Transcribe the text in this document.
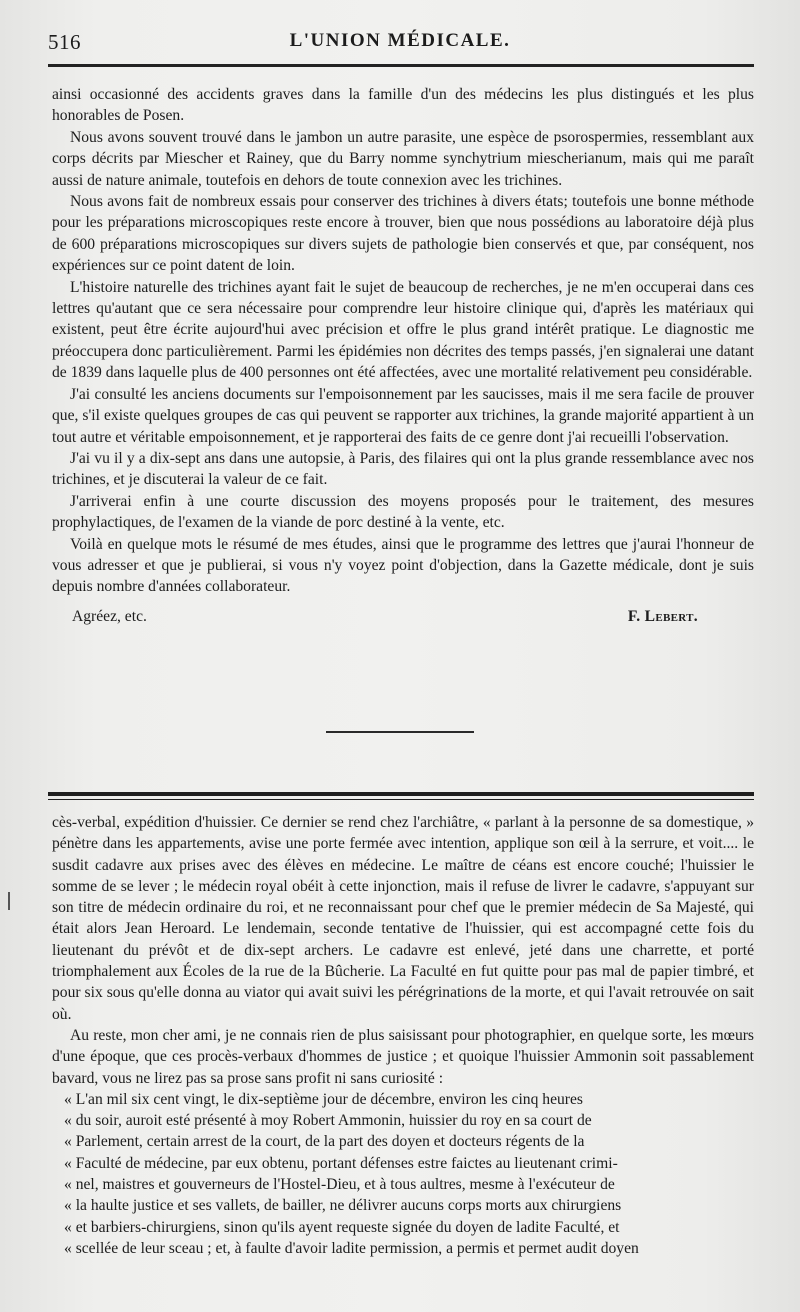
516	L'UNION MÉDICALE.

ainsi occasionné des accidents graves dans la famille d'un des médecins les plus distingués et les plus honorables de Posen.

Nous avons souvent trouvé dans le jambon un autre parasite, une espèce de psorospermies, ressemblant aux corps décrits par Miescher et Rainey, que du Barry nomme synchytrium miescherianum, mais qui me paraît aussi de nature animale, toutefois en dehors de toute connexion avec les trichines.

Nous avons fait de nombreux essais pour conserver des trichines à divers états; toutefois une bonne méthode pour les préparations microscopiques reste encore à trouver, bien que nous possédions au laboratoire déjà plus de 600 préparations microscopiques sur divers sujets de pathologie bien conservés et que, par conséquent, nos expériences sur ce point datent de loin.

L'histoire naturelle des trichines ayant fait le sujet de beaucoup de recherches, je ne m'en occuperai dans ces lettres qu'autant que ce sera nécessaire pour comprendre leur histoire clinique qui, d'après les matériaux qui existent, peut être écrite aujourd'hui avec précision et offre le plus grand intérêt pratique. Le diagnostic me préoccupera donc particulièrement. Parmi les épidémies non décrites des temps passés, j'en signalerai une datant de 1839 dans laquelle plus de 400 personnes ont été affectées, avec une mortalité relativement peu considérable.

J'ai consulté les anciens documents sur l'empoisonnement par les saucisses, mais il me sera facile de prouver que, s'il existe quelques groupes de cas qui peuvent se rapporter aux trichines, la grande majorité appartient à un tout autre et véritable empoisonnement, et je rapporterai des faits de ce genre dont j'ai recueilli l'observation.

J'ai vu il y a dix-sept ans dans une autopsie, à Paris, des filaires qui ont la plus grande ressemblance avec nos trichines, et je discuterai la valeur de ce fait.

J'arriverai enfin à une courte discussion des moyens proposés pour le traitement, des mesures prophylactiques, de l'examen de la viande de porc destiné à la vente, etc.

Voilà en quelque mots le résumé de mes études, ainsi que le programme des lettres que j'aurai l'honneur de vous adresser et que je publierai, si vous n'y voyez point d'objection, dans la Gazette médicale, dont je suis depuis nombre d'années collaborateur.

Agréez, etc.	F. Lebert.

cès-verbal, expédition d'huissier. Ce dernier se rend chez l'archiâtre, « parlant à la personne de sa domestique, » pénètre dans les appartements, avise une porte fermée avec intention, applique son œil à la serrure, et voit.... le susdit cadavre aux prises avec des élèves en médecine. Le maître de céans est encore couché; l'huissier le somme de se lever ; le médecin royal obéit à cette injonction, mais il refuse de livrer le cadavre, s'appuyant sur son titre de médecin ordinaire du roi, et ne reconnaissant pour chef que le premier médecin de Sa Majesté, qui était alors Jean Heroard. Le lendemain, seconde tentative de l'huissier, qui est accompagné cette fois du lieutenant du prévôt et de dix-sept archers. Le cadavre est enlevé, jeté dans une charrette, et porté triomphalement aux Écoles de la rue de la Bûcherie. La Faculté en fut quitte pour pas mal de papier timbré, et pour six sous qu'elle donna au viator qui avait suivi les pérégrinations de la morte, et qui l'avait retrouvée on sait où.

Au reste, mon cher ami, je ne connais rien de plus saisissant pour photographier, en quelque sorte, les mœurs d'une époque, que ces procès-verbaux d'hommes de justice ; et quoique l'huissier Ammonin soit passablement bavard, vous ne lirez pas sa prose sans profit ni sans curiosité :

« L'an mil six cent vingt, le dix-septième jour de décembre, environ les cinq heures
« du soir, auroit esté présenté à moy Robert Ammonin, huissier du roy en sa court de
« Parlement, certain arrest de la court, de la part des doyen et docteurs régents de la
« Faculté de médecine, par eux obtenu, portant défenses estre faictes au lieutenant crimi-
« nel, maistres et gouverneurs de l'Hostel-Dieu, et à tous aultres, mesme à l'exécuteur de
« la haulte justice et ses vallets, de bailler, ne délivrer aucuns corps morts aux chirurgiens
« et barbiers-chirurgiens, sinon qu'ils ayent requeste signée du doyen de ladite Faculté, et
« scellée de leur sceau ; et, à faulte d'avoir ladite permission, a permis et permet audit doyen
